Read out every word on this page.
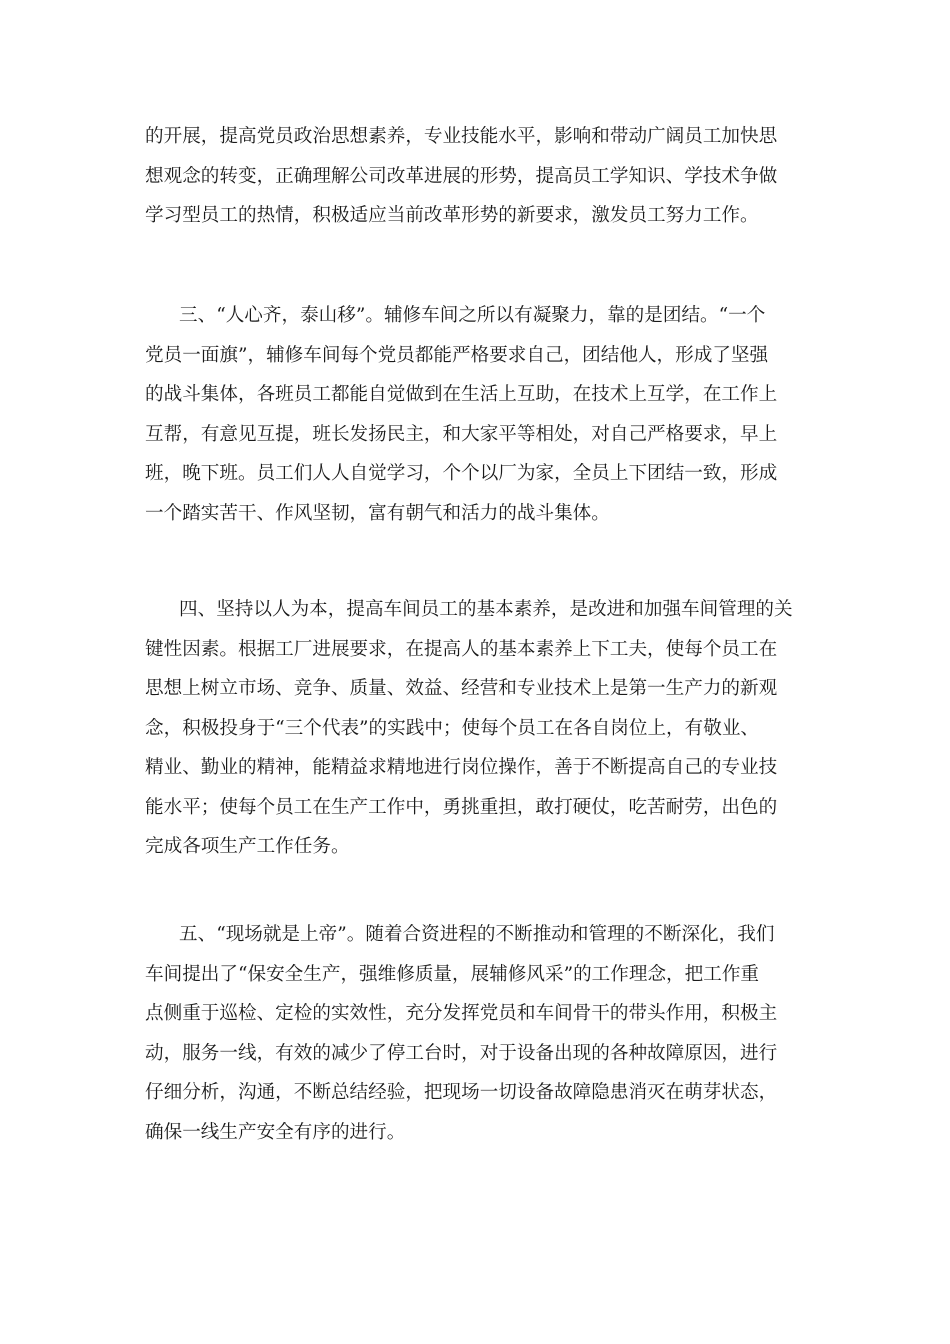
的开展，提高党员政治思想素养，专业技能水平，影响和带动广阔员工加快思
想观念的转变，正确理解公司改革进展的形势，提高员工学知识、学技术争做
学习型员工的热情，积极适应当前改革形势的新要求，激发员工努力工作。
三、“人心齐，泰山移”。辅修车间之所以有凝聚力，靠的是团结。“一个
党员一面旗”，辅修车间每个党员都能严格要求自己，团结他人，形成了坚强
的战斗集体，各班员工都能自觉做到在生活上互助，在技术上互学，在工作上
互帮，有意见互提，班长发扬民主，和大家平等相处，对自己严格要求，早上
班，晚下班。员工们人人自觉学习，个个以厂为家，全员上下团结一致，形成
一个踏实苦干、作风坚韧，富有朝气和活力的战斗集体。
四、坚持以人为本，提高车间员工的基本素养，是改进和加强车间管理的关
键性因素。根据工厂进展要求，在提高人的基本素养上下工夫，使每个员工在
思想上树立市场、竞争、质量、效益、经营和专业技术上是第一生产力的新观
念，积极投身于“三个代表”的实践中；使每个员工在各自岗位上，有敬业、
精业、勤业的精神，能精益求精地进行岗位操作，善于不断提高自己的专业技
能水平；使每个员工在生产工作中，勇挑重担，敢打硬仗，吃苦耐劳，出色的
完成各项生产工作任务。
五、“现场就是上帝”。随着合资进程的不断推动和管理的不断深化，我们
车间提出了“保安全生产，强维修质量，展辅修风采”的工作理念，把工作重
点侧重于巡检、定检的实效性，充分发挥党员和车间骨干的带头作用，积极主
动，服务一线，有效的减少了停工台时，对于设备出现的各种故障原因，进行
仔细分析，沟通，不断总结经验，把现场一切设备故障隐患消灭在萌芽状态，
确保一线生产安全有序的进行。
